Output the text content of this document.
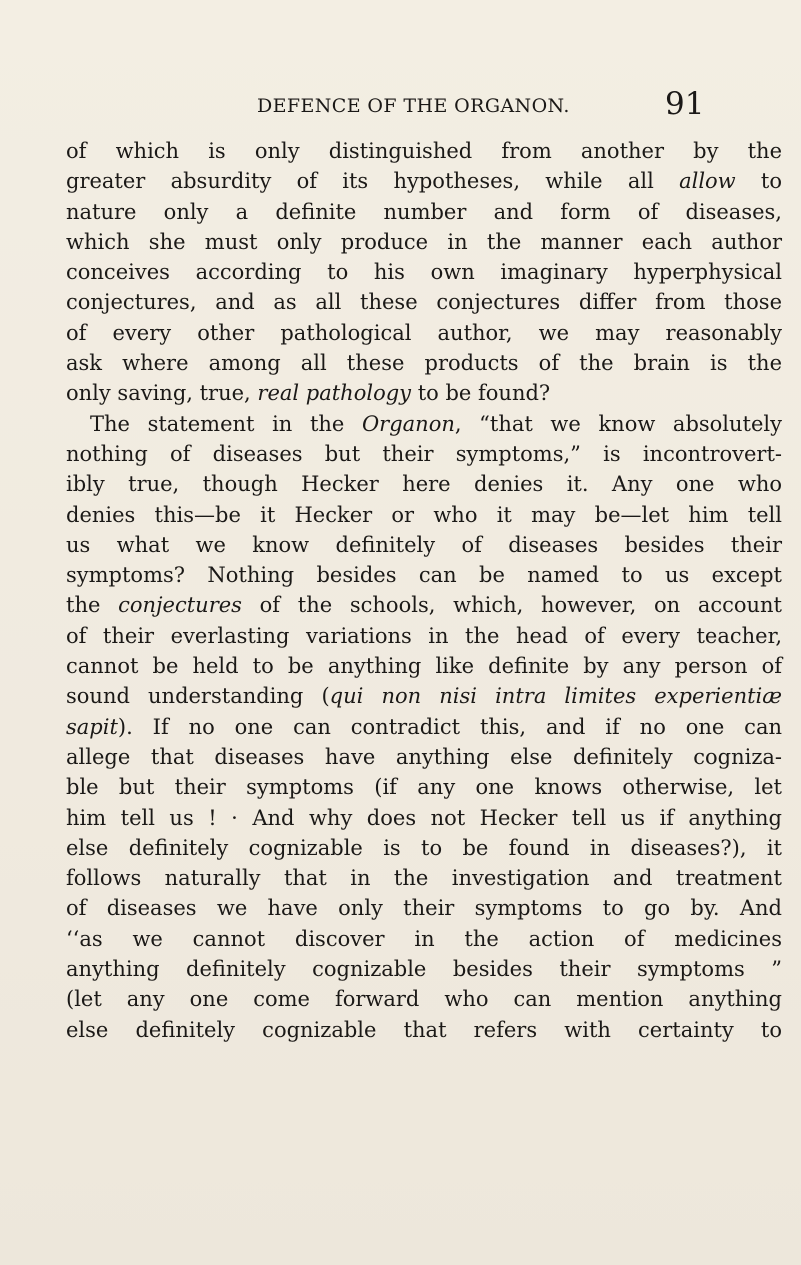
DEFENCE OF THE ORGANON.	91
of which is only distinguished from another by the
greater absurdity of its hypotheses, while all allow to
nature only a definite number and form of diseases,
which she must only produce in the manner each author
conceives according to his own imaginary hyperphysical
conjectures, and as all these conjectures differ from those
of every other pathological author, we may reasonably
ask where among all these products of the brain is the
only saving, true, real pathology to be found?
The statement in the Organon, “that we know absolutely
nothing of diseases but their symptoms,” is incontrovert-
ibly true, though Hecker here denies it. Any one who
denies this—be it Hecker or who it may be—let him tell
us what we know definitely of diseases besides their
symptoms? Nothing besides can be named to us except
the conjectures of the schools, which, however, on account
of their everlasting variations in the head of every teacher,
cannot be held to be anything like definite by any person of
sound understanding (qui non nisi intra limites experientiæ
sapit). If no one can contradict this, and if no one can
allege that diseases have anything else definitely cogniza-
ble but their symptoms (if any one knows otherwise, let
him tell us ! · And why does not Hecker tell us if anything
else definitely cognizable is to be found in diseases?), it
follows naturally that in the investigation and treatment
of diseases we have only their symptoms to go by. And
‘‘as we cannot discover in the action of medicines
anything definitely cognizable besides their symptoms ”
(let any one come forward who can mention anything
else definitely cognizable that refers with certainty to
